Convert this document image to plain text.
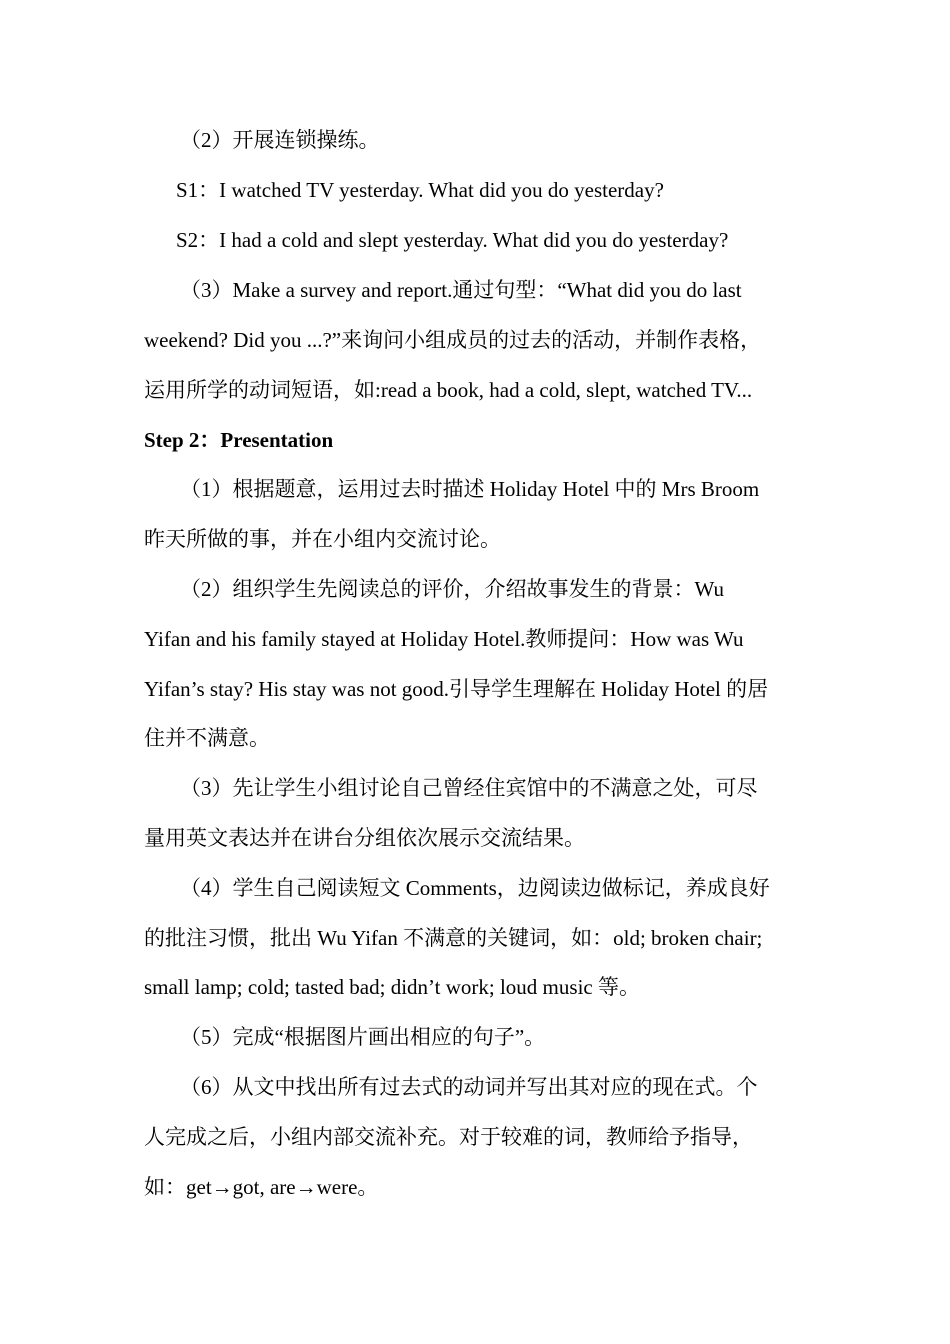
（2）开展连锁操练。
S1：I watched TV yesterday. What did you do yesterday?
S2：I had a cold and slept yesterday. What did you do yesterday?
（3）Make a survey and report.通过句型：“What did you do last
weekend? Did you ...?”来询问小组成员的过去的活动，并制作表格，
运用所学的动词短语，如:read a book, had a cold, slept, watched TV...
Step 2：Presentation
（1）根据题意，运用过去时描述 Holiday Hotel 中的 Mrs Broom
昨天所做的事，并在小组内交流讨论。
（2）组织学生先阅读总的评价，介绍故事发生的背景：Wu
Yifan and his family stayed at Holiday Hotel.教师提问：How was Wu
Yifan’s stay? His stay was not good.引导学生理解在 Holiday Hotel 的居
住并不满意。
（3）先让学生小组讨论自己曾经住宾馆中的不满意之处，可尽
量用英文表达并在讲台分组依次展示交流结果。
（4）学生自己阅读短文 Comments，边阅读边做标记，养成良好
的批注习惯，批出 Wu Yifan 不满意的关键词，如：old; broken chair;
small lamp; cold; tasted bad; didn’t work; loud music 等。
（5）完成“根据图片画出相应的句子”。
（6）从文中找出所有过去式的动词并写出其对应的现在式。个
人完成之后，小组内部交流补充。对于较难的词，教师给予指导，
如：get→got, are→were。
